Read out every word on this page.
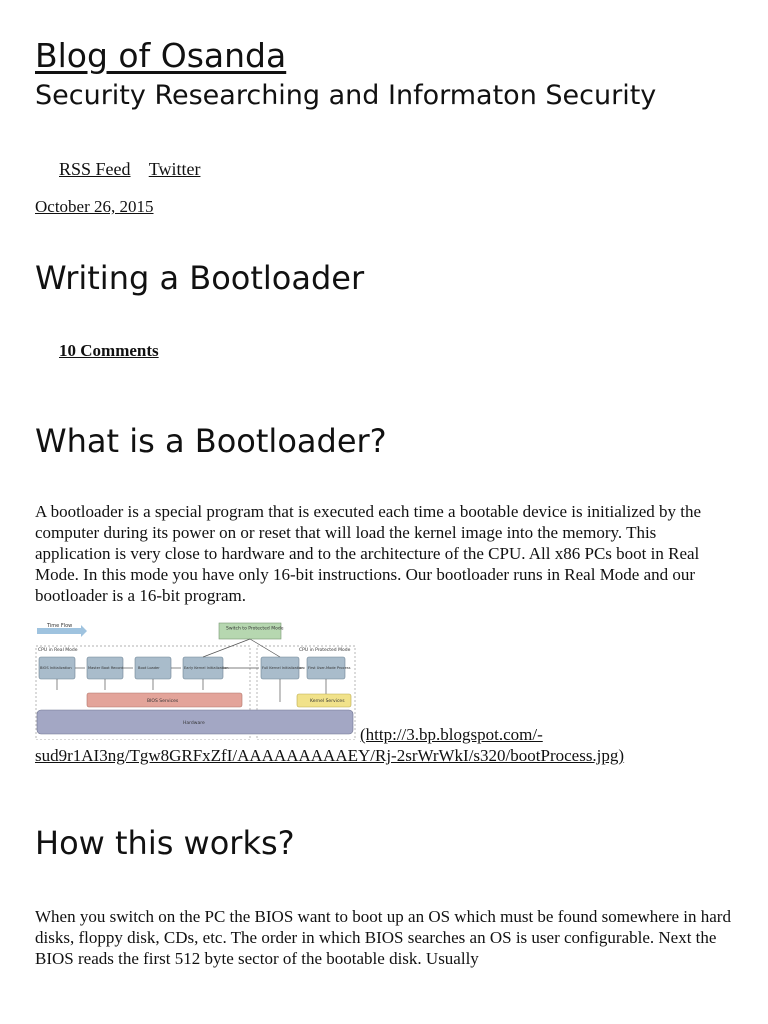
Blog of Osanda
Security Researching and Informaton Security
RSS Feed Twitter
October 26, 2015
Writing a Bootloader
10 Comments
What is a Bootloader?

A bootloader is a special program that is executed each time a bootable device is initialized by the computer during its power on or reset that will load the kernel image into the memory. This application is very close to hardware and to the architecture of the CPU. All x86 PCs boot in Real Mode. In this mode you have only 16-bit instructions. Our bootloader runs in Real Mode and our bootloader is a 16-bit program.

Time Flow	Switch to Protected Mode
CPU in Real Mode	CPU in Protected Mode
BIOS Initialization	Master Boot Record	Boot Loader	Early Kernel Initialization	Full Kernel Initialization First User-Mode Process
BIOS Services	Kernel Services
Hardware
(http://3.bp.blogspot.com/-sud9r1AI3ng/Tgw8GRFxZfI/AAAAAAAAAEY/Rj-2srWrWkI/s320/bootProcess.jpg)
How this works?

When you switch on the PC the BIOS want to boot up an OS which must be found somewhere in hard disks, floppy disk, CDs, etc. The order in which BIOS searches an OS is user configurable. Next the BIOS reads the first 512 byte sector of the bootable disk. Usually
